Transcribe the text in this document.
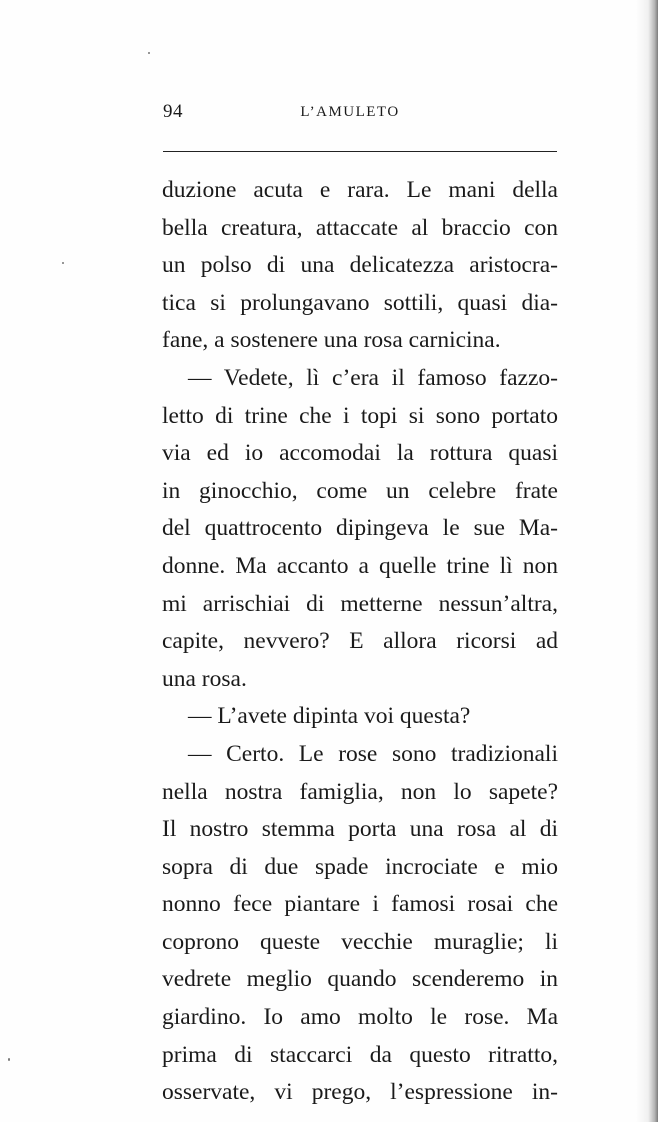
94	L’AMULETO
duzione acuta e rara. Le mani della
bella creatura, attaccate al braccio con
un polso di una delicatezza aristocra-
tica si prolungavano sottili, quasi dia-
fane, a sostenere una rosa carnicina.
— Vedete, lì c’era il famoso fazzo-
letto di trine che i topi si sono portato
via ed io accomodai la rottura quasi
in ginocchio, come un celebre frate
del quattrocento dipingeva le sue Ma-
donne. Ma accanto a quelle trine lì non
mi arrischiai di metterne nessun’altra,
capite, nevvero? E allora ricorsi ad
una rosa.
— L’avete dipinta voi questa?
— Certo. Le rose sono tradizionali
nella nostra famiglia, non lo sapete?
Il nostro stemma porta una rosa al di
sopra di due spade incrociate e mio
nonno fece piantare i famosi rosai che
coprono queste vecchie muraglie; li
vedrete meglio quando scenderemo in
giardino. Io amo molto le rose. Ma
prima di staccarci da questo ritratto,
osservate, vi prego, l’espressione in-
